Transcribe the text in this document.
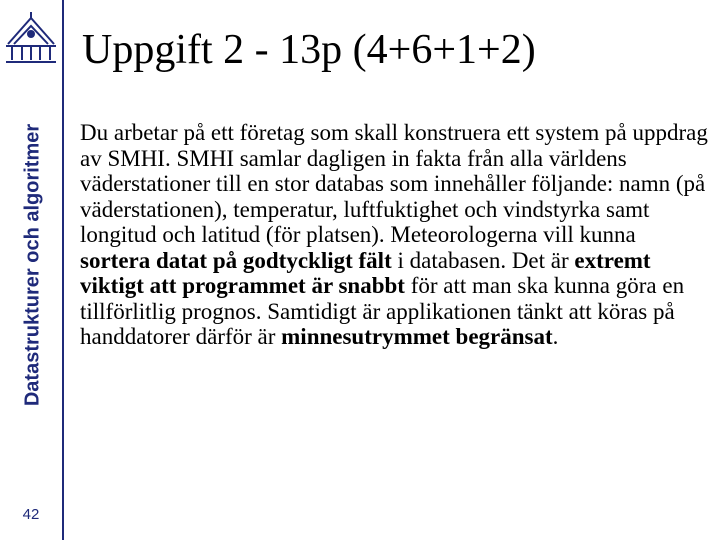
Datastrukturer och algoritmer
42
Uppgift 2 - 13p (4+6+1+2)
Du arbetar på ett företag som skall konstruera ett system på uppdrag av SMHI. SMHI samlar dagligen in fakta från alla världens väderstationer till en stor databas som innehåller följande: namn (på väderstationen), temperatur, luftfuktighet och vindstyrka samt longitud och latitud (för platsen). Meteorologerna vill kunna sortera datat på godtyckligt fält i databasen. Det är extremt viktigt att programmet är snabbt för att man ska kunna göra en tillförlitlig prognos. Samtidigt är applikationen tänkt att köras på handdatorer därför är minnesutrymmet begränsat.
